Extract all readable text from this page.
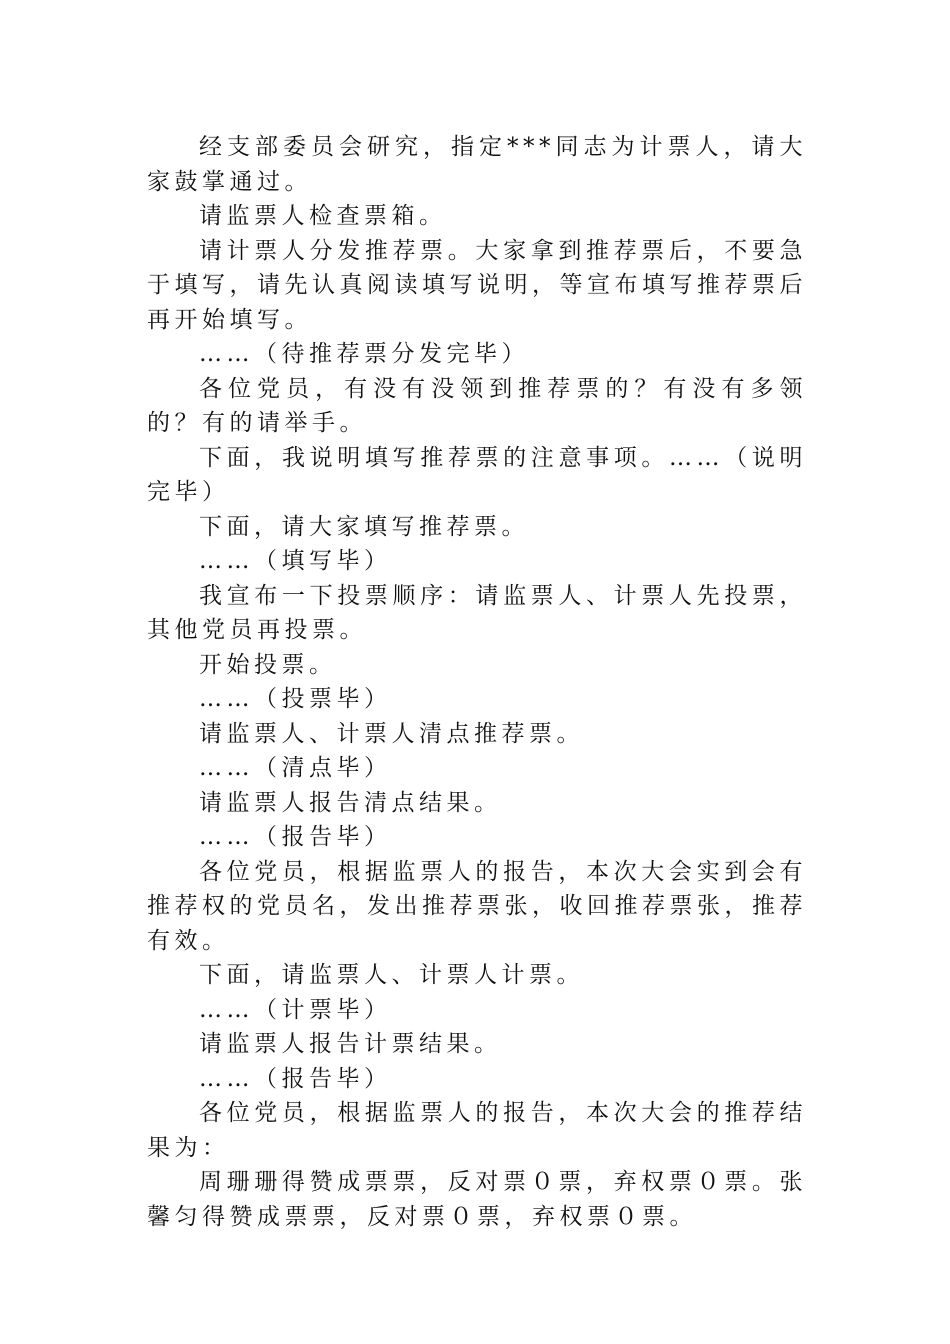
经支部委员会研究，指定***同志为计票人，请大家鼓掌通过。

请监票人检查票箱。

请计票人分发推荐票。大家拿到推荐票后，不要急于填写，请先认真阅读填写说明，等宣布填写推荐票后再开始填写。

……（待推荐票分发完毕）

各位党员，有没有没领到推荐票的？有没有多领的？有的请举手。

下面，我说明填写推荐票的注意事项。……（说明完毕）

下面，请大家填写推荐票。

……（填写毕）

我宣布一下投票顺序：请监票人、计票人先投票，其他党员再投票。

开始投票。

……（投票毕）

请监票人、计票人清点推荐票。

……（清点毕）

请监票人报告清点结果。

……（报告毕）

各位党员，根据监票人的报告，本次大会实到会有推荐权的党员名，发出推荐票张，收回推荐票张，推荐有效。

下面，请监票人、计票人计票。

……（计票毕）

请监票人报告计票结果。

……（报告毕）

各位党员，根据监票人的报告，本次大会的推荐结果为：

周珊珊得赞成票票，反对票０票，弃权票０票。张馨匀得赞成票票，反对票０票，弃权票０票。
